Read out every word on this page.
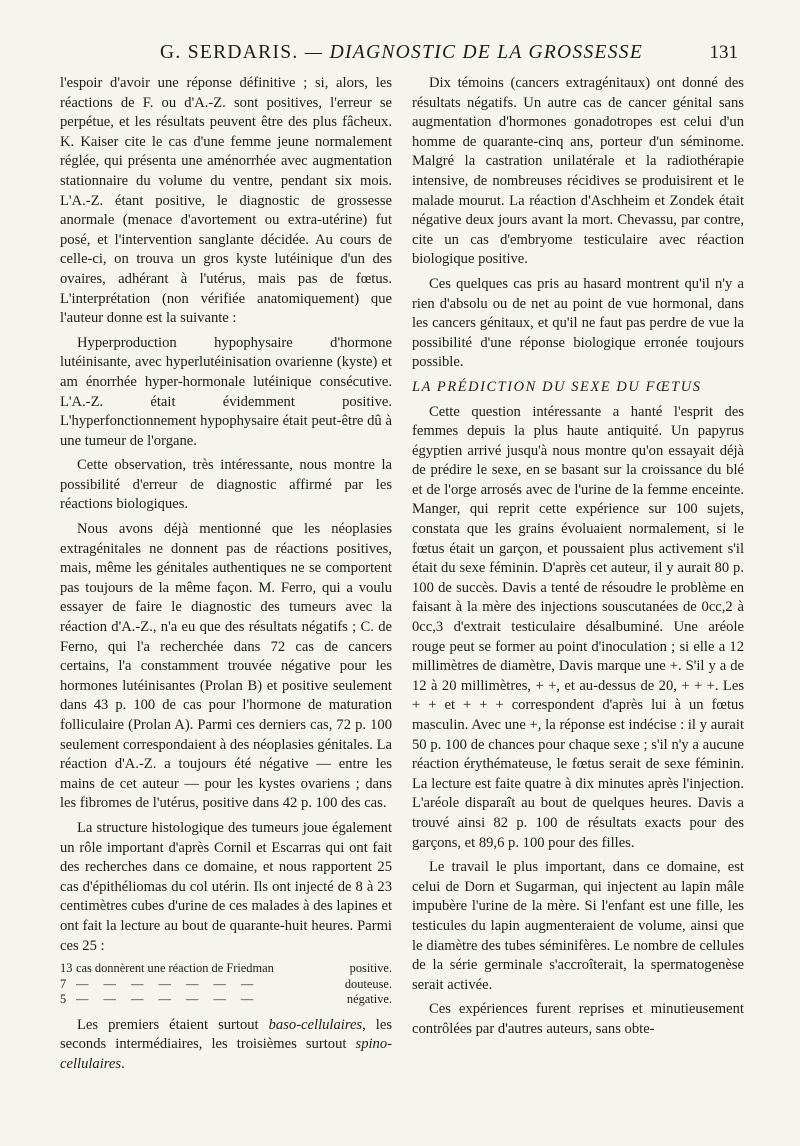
G. SERDARIS. — DIAGNOSTIC DE LA GROSSESSE	131

l'espoir d'avoir une réponse définitive ; si, alors, les réactions de F. ou d'A.-Z. sont positives, l'erreur se perpétue, et les résultats peuvent être des plus fâcheux. K. Kaiser cite le cas d'une femme jeune normalement réglée, qui présenta une aménorrhée avec augmentation stationnaire du volume du ventre, pendant six mois. L'A.-Z. étant positive, le diagnostic de grossesse anormale (menace d'avortement ou extra-utérine) fut posé, et l'intervention sanglante décidée. Au cours de celle-ci, on trouva un gros kyste lutéinique d'un des ovaires, adhérant à l'utérus, mais pas de fœtus. L'interprétation (non vérifiée anatomiquement) que l'auteur donne est la suivante :

Hyperproduction hypophysaire d'hormone lutéinisante, avec hyperlutéinisation ovarienne (kyste) et am énorrhée hyper-hormonale lutéinique consécutive. L'A.-Z. était évidemment positive. L'hyperfonctionnement hypophysaire était peut-être dû à une tumeur de l'organe.

Cette observation, très intéressante, nous montre la possibilité d'erreur de diagnostic affirmé par les réactions biologiques.

Nous avons déjà mentionné que les néoplasies extragénitales ne donnent pas de réactions positives, mais, même les génitales authentiques ne se comportent pas toujours de la même façon. M. Ferro, qui a voulu essayer de faire le diagnostic des tumeurs avec la réaction d'A.-Z., n'a eu que des résultats négatifs ; C. de Ferno, qui l'a recherchée dans 72 cas de cancers certains, l'a constamment trouvée négative pour les hormones lutéinisantes (Prolan B) et positive seulement dans 43 p. 100 de cas pour l'hormone de maturation folliculaire (Prolan A). Parmi ces derniers cas, 72 p. 100 seulement correspondaient à des néoplasies génitales. La réaction d'A.-Z. a toujours été négative — entre les mains de cet auteur — pour les kystes ovariens ; dans les fibromes de l'utérus, positive dans 42 p. 100 des cas.

La structure histologique des tumeurs joue également un rôle important d'après Cornil et Escarras qui ont fait des recherches dans ce domaine, et nous rapportent 25 cas d'épithéliomas du col utérin. Ils ont injecté de 8 à 23 centimètres cubes d'urine de ces malades à des lapines et ont fait la lecture au bout de quarante-huit heures. Parmi ces 25 :

13 cas donnèrent une réaction de Friedman	positive.
7 — — — — — — —	douteuse.
5 — — — — — — —	négative.

Les premiers étaient surtout baso-cellulaires, les seconds intermédiaires, les troisièmes surtout spino-cellulaires.

Dix témoins (cancers extragénitaux) ont donné des résultats négatifs. Un autre cas de cancer génital sans augmentation d'hormones gonadotropes est celui d'un homme de quarante-cinq ans, porteur d'un séminome. Malgré la castration unilatérale et la radiothérapie intensive, de nombreuses récidives se produisirent et le malade mourut. La réaction d'Aschheim et Zondek était négative deux jours avant la mort. Chevassu, par contre, cite un cas d'embryome testiculaire avec réaction biologique positive.

Ces quelques cas pris au hasard montrent qu'il n'y a rien d'absolu ou de net au point de vue hormonal, dans les cancers génitaux, et qu'il ne faut pas perdre de vue la possibilité d'une réponse biologique erronée toujours possible.

LA PRÉDICTION DU SEXE DU FŒTUS

Cette question intéressante a hanté l'esprit des femmes depuis la plus haute antiquité. Un papyrus égyptien arrivé jusqu'à nous montre qu'on essayait déjà de prédire le sexe, en se basant sur la croissance du blé et de l'orge arrosés avec de l'urine de la femme enceinte. Manger, qui reprit cette expérience sur 100 sujets, constata que les grains évoluaient normalement, si le fœtus était un garçon, et poussaient plus activement s'il était du sexe féminin. D'après cet auteur, il y aurait 80 p. 100 de succès. Davis a tenté de résoudre le problème en faisant à la mère des injections souscutanées de 0cc,2 à 0cc,3 d'extrait testiculaire désalbuminé. Une aréole rouge peut se former au point d'inoculation ; si elle a 12 millimètres de diamètre, Davis marque une +. S'il y a de 12 à 20 millimètres, + +, et au-dessus de 20, + + +. Les + + et + + + correspondent d'après lui à un fœtus masculin. Avec une +, la réponse est indécise : il y aurait 50 p. 100 de chances pour chaque sexe ; s'il n'y a aucune réaction érythémateuse, le fœtus serait de sexe féminin. La lecture est faite quatre à dix minutes après l'injection. L'aréole disparaît au bout de quelques heures. Davis a trouvé ainsi 82 p. 100 de résultats exacts pour des garçons, et 89,6 p. 100 pour des filles.

Le travail le plus important, dans ce domaine, est celui de Dorn et Sugarman, qui injectent au lapin mâle impubère l'urine de la mère. Si l'enfant est une fille, les testicules du lapin augmenteraient de volume, ainsi que le diamètre des tubes séminifères. Le nombre de cellules de la série germinale s'accroîterait, la spermatogenèse serait activée.

Ces expériences furent reprises et minutieusement contrôlées par d'autres auteurs, sans obte-
